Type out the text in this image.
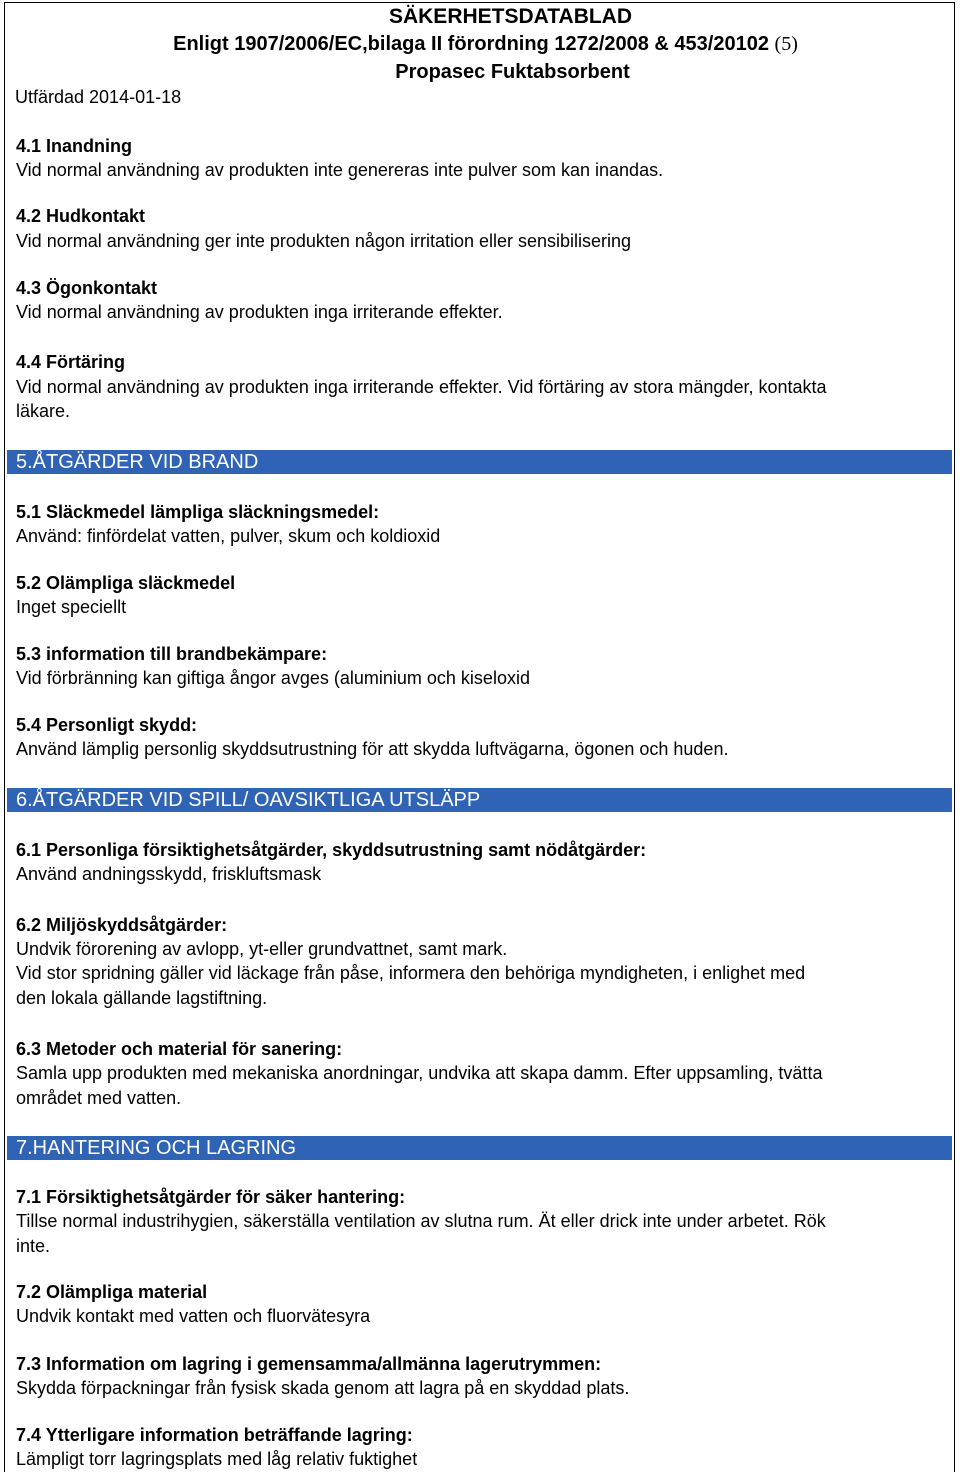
SÄKERHETSDATABLAD
Enligt 1907/2006/EC,bilaga II förordning 1272/2008 & 453/20102 (5)
Propasec Fuktabsorbent
Utfärdad 2014-01-18
4.1 Inandning
Vid normal användning av produkten inte genereras inte pulver som kan inandas.
4.2 Hudkontakt
Vid normal användning ger inte produkten någon irritation eller sensibilisering
4.3 Ögonkontakt
Vid normal användning av produkten inga irriterande effekter.
4.4 Förtäring
Vid normal användning av produkten inga irriterande effekter. Vid förtäring av stora mängder, kontakta
läkare.
5.ÅTGÄRDER VID BRAND
5.1 Släckmedel lämpliga släckningsmedel:
Använd: finfördelat vatten, pulver, skum och koldioxid
5.2 Olämpliga släckmedel
Inget speciellt
5.3 information till brandbekämpare:
Vid förbränning kan giftiga ångor avges (aluminium och kiseloxid
5.4 Personligt skydd:
Använd lämplig personlig skyddsutrustning för att skydda luftvägarna, ögonen och huden.
6.ÅTGÄRDER VID SPILL/ OAVSIKTLIGA UTSLÄPP
6.1 Personliga försiktighetsåtgärder, skyddsutrustning samt nödåtgärder:
Använd andningsskydd, friskluftsmask
6.2 Miljöskyddsåtgärder:
Undvik förorening av avlopp, yt-eller grundvattnet, samt mark.
Vid stor spridning gäller vid läckage från påse, informera den behöriga myndigheten, i enlighet med
den lokala gällande lagstiftning.
6.3 Metoder och material för sanering:
Samla upp produkten med mekaniska anordningar, undvika att skapa damm. Efter uppsamling, tvätta
området med vatten.
7.HANTERING OCH LAGRING
7.1 Försiktighetsåtgärder för säker hantering:
Tillse normal industrihygien, säkerställa ventilation av slutna rum. Ät eller drick inte under arbetet. Rök
inte.
7.2 Olämpliga material
Undvik kontakt med vatten och fluorvätesyra
7.3 Information om lagring i gemensamma/allmänna lagerutrymmen:
Skydda förpackningar från fysisk skada genom att lagra på en skyddad plats.
7.4 Ytterligare information beträffande lagring:
Lämpligt torr lagringsplats med låg relativ fuktighet
